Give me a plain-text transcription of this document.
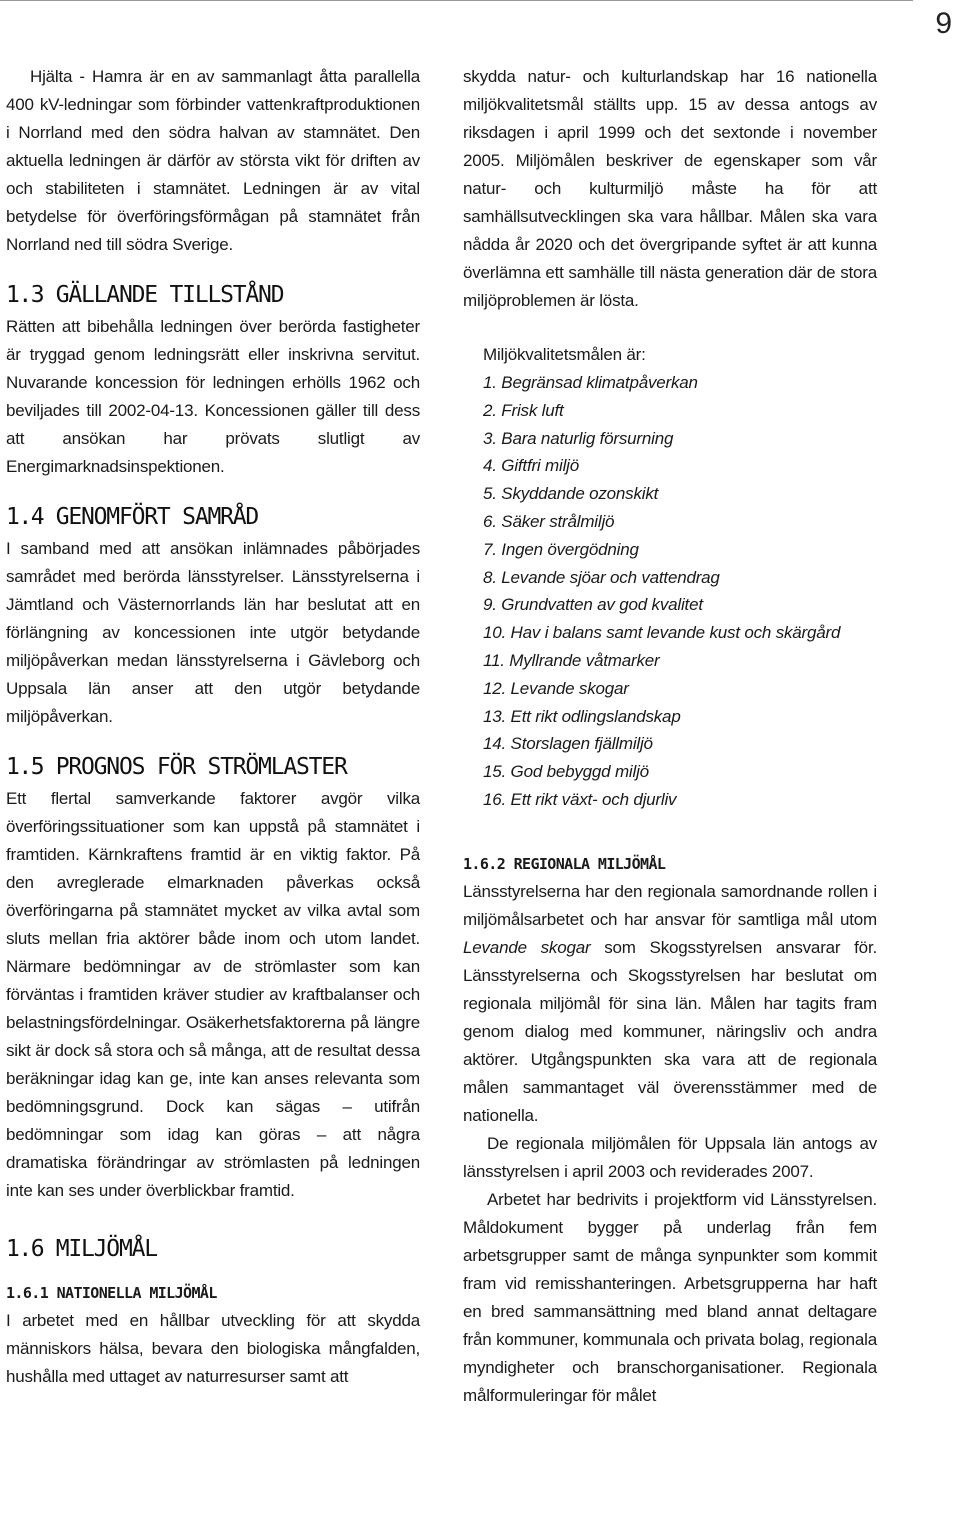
9

Hjälta - Hamra är en av sammanlagt åtta parallella 400 kV-ledningar som förbinder vattenkraftproduktionen i Norrland med den södra halvan av stamnätet. Den aktuella ledningen är därför av största vikt för driften av och stabiliteten i stamnätet. Ledningen är av vital betydelse för överföringsförmågan på stamnätet från Norrland ned till södra Sverige.

1.3 GÄLLANDE TILLSTÅND

Rätten att bibehålla ledningen över berörda fastigheter är tryggad genom ledningsrätt eller inskrivna servitut. Nuvarande koncession för ledningen erhölls 1962 och beviljades till 2002-04-13. Koncessionen gäller till dess att ansökan har prövats slutligt av Energimarknadsinspektionen.

1.4 GENOMFÖRT SAMRÅD

I samband med att ansökan inlämnades påbörjades samrådet med berörda länsstyrelser. Länsstyrelserna i Jämtland och Västernorrlands län har beslutat att en förlängning av koncessionen inte utgör betydande miljöpåverkan medan länsstyrelserna i Gävleborg och Uppsala län anser att den utgör betydande miljöpåverkan.

1.5 PROGNOS FÖR STRÖMLASTER

Ett flertal samverkande faktorer avgör vilka överföringssituationer som kan uppstå på stamnätet i framtiden. Kärnkraftens framtid är en viktig faktor. På den avreglerade elmarknaden påverkas också överföringarna på stamnätet mycket av vilka avtal som sluts mellan fria aktörer både inom och utom landet. Närmare bedömningar av de strömlaster som kan förväntas i framtiden kräver studier av kraftbalanser och belastningsfördelningar. Osäkerhetsfaktorerna på längre sikt är dock så stora och så många, att de resultat dessa beräkningar idag kan ge, inte kan anses relevanta som bedömningsgrund. Dock kan sägas – utifrån bedömningar som idag kan göras – att några dramatiska förändringar av strömlasten på ledningen inte kan ses under överblickbar framtid.

1.6 MILJÖMÅL
1.6.1 NATIONELLA MILJÖMÅL

I arbetet med en hållbar utveckling för att skydda människors hälsa, bevara den biologiska mångfalden, hushålla med uttaget av naturresurser samt att

skydda natur- och kulturlandskap har 16 nationella miljökvalitetsmål ställts upp. 15 av dessa antogs av riksdagen i april 1999 och det sextonde i november 2005. Miljömålen beskriver de egenskaper som vår natur- och kulturmiljö måste ha för att samhällsutvecklingen ska vara hållbar. Målen ska vara nådda år 2020 och det övergripande syftet är att kunna överlämna ett samhälle till nästa generation där de stora miljöproblemen är lösta.

Miljökvalitetsmålen är:
1. Begränsad klimatpåverkan
2. Frisk luft
3. Bara naturlig försurning
4. Giftfri miljö
5. Skyddande ozonskikt
6. Säker strålmiljö
7. Ingen övergödning
8. Levande sjöar och vattendrag
9. Grundvatten av god kvalitet
10. Hav i balans samt levande kust och skärgård
11. Myllrande våtmarker
12. Levande skogar
13. Ett rikt odlingslandskap
14. Storslagen fjällmiljö
15. God bebyggd miljö
16. Ett rikt växt- och djurliv
1.6.2 REGIONALA MILJÖMÅL

Länsstyrelserna har den regionala samordnande rollen i miljömålsarbetet och har ansvar för samtliga mål utom Levande skogar som Skogsstyrelsen ansvarar för. Länsstyrelserna och Skogsstyrelsen har beslutat om regionala miljömål för sina län. Målen har tagits fram genom dialog med kommuner, näringsliv och andra aktörer. Utgångspunkten ska vara att de regionala målen sammantaget väl överensstämmer med de nationella.

De regionala miljömålen för Uppsala län antogs av länsstyrelsen i april 2003 och reviderades 2007.

Arbetet har bedrivits i projektform vid Länsstyrelsen. Måldokument bygger på underlag från fem arbetsgrupper samt de många synpunkter som kommit fram vid remisshanteringen. Arbetsgrupperna har haft en bred sammansättning med bland annat deltagare från kommuner, kommunala och privata bolag, regionala myndigheter och branschorganisationer. Regionala målformuleringar för målet
